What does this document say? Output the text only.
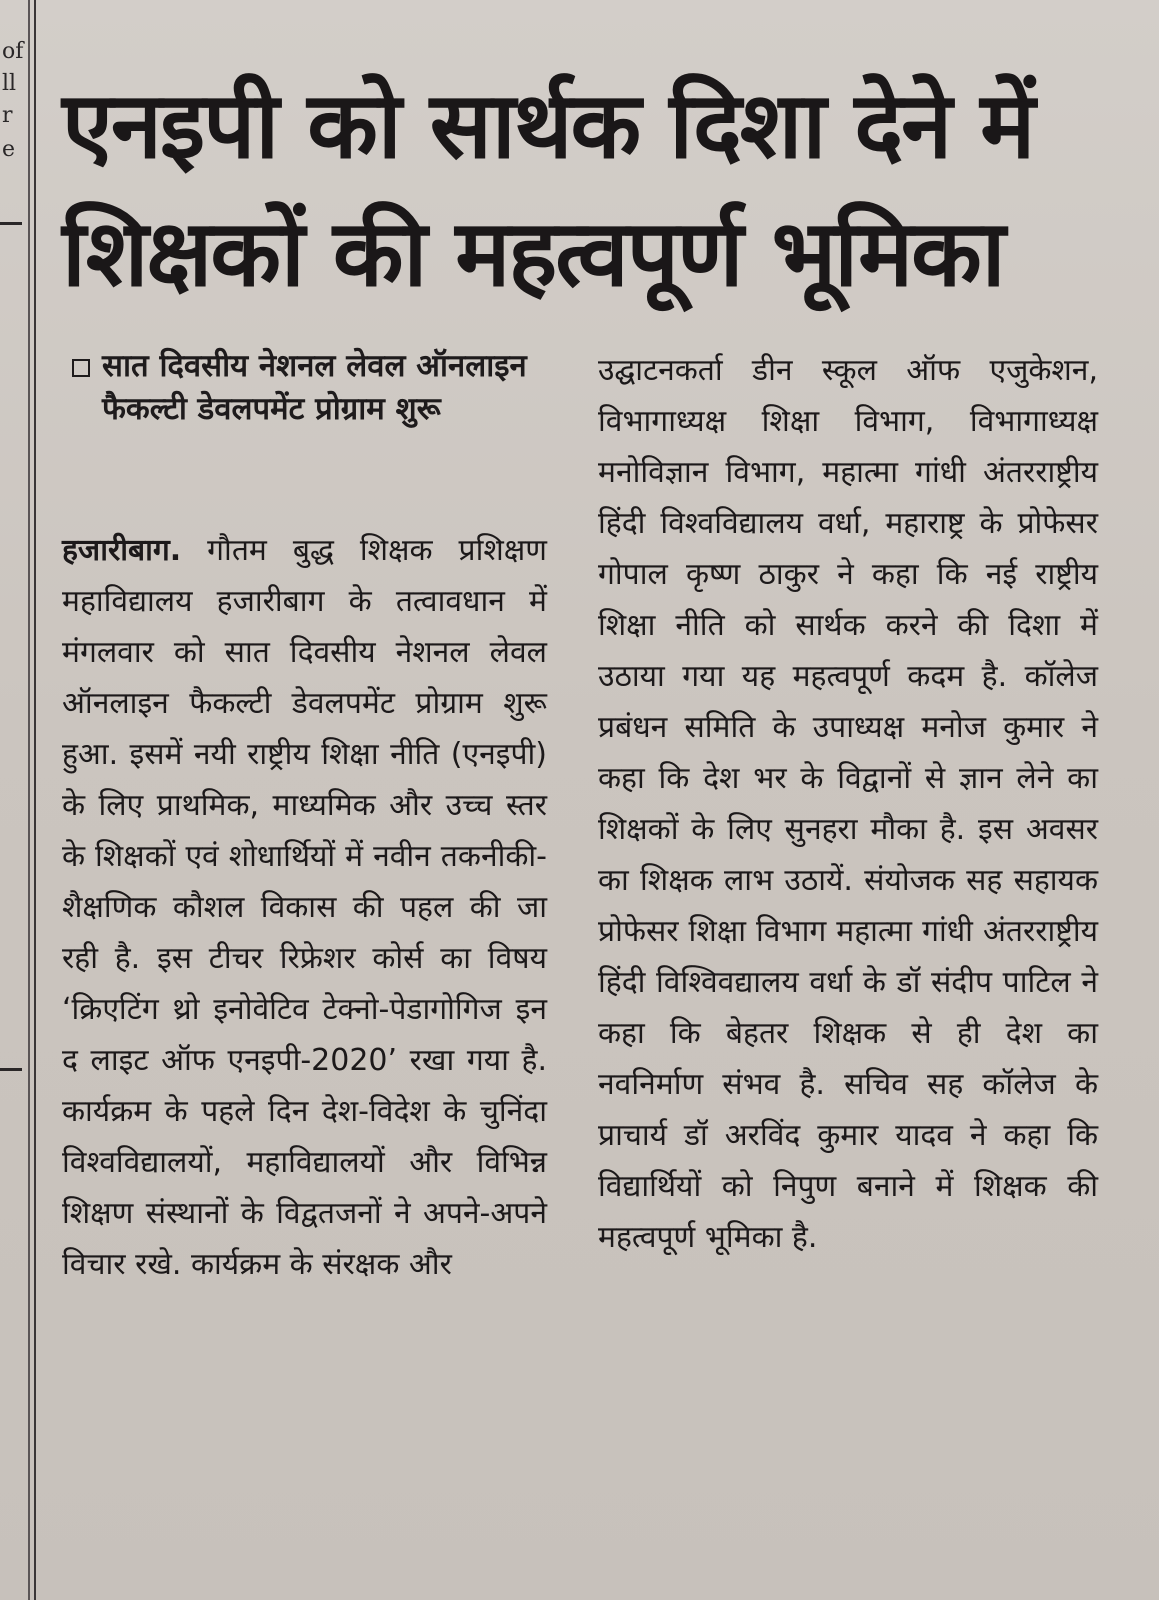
of
ll
r
e एनइपी को सार्थक दिशा देने में शिक्षकों की महत्वपूर्ण भूमिका
सात दिवसीय नेशनल लेवल ऑनलाइन फैकल्टी डेवलपमेंट प्रोग्राम शुरू

हजारीबाग. गौतम बुद्ध शिक्षक प्रशिक्षण महाविद्यालय हजारीबाग के तत्वावधान में मंगलवार को सात दिवसीय नेशनल लेवल ऑनलाइन फैकल्टी डेवलपमेंट प्रोग्राम शुरू हुआ. इसमें नयी राष्ट्रीय शिक्षा नीति (एनइपी) के लिए प्राथमिक, माध्यमिक और उच्च स्तर के शिक्षकों एवं शोधार्थियों में नवीन तकनीकी-शैक्षणिक कौशल विकास की पहल की जा रही है. इस टीचर रिफ्रेशर कोर्स का विषय ‘क्रिएटिंग थ्रो इनोवेटिव टेक्नो-पेडागोगिज इन द लाइट ऑफ एनइपी-2020’ रखा गया है. कार्यक्रम के पहले दिन देश-विदेश के चुनिंदा विश्वविद्यालयों, महाविद्यालयों और विभिन्न शिक्षण संस्थानों के विद्वतजनों ने अपने-अपने विचार रखे. कार्यक्रम के संरक्षक और

उद्घाटनकर्ता डीन स्कूल ऑफ एजुकेशन, विभागाध्यक्ष शिक्षा विभाग, विभागाध्यक्ष मनोविज्ञान विभाग, महात्मा गांधी अंतरराष्ट्रीय हिंदी विश्वविद्यालय वर्धा, महाराष्ट्र के प्रोफेसर गोपाल कृष्ण ठाकुर ने कहा कि नई राष्ट्रीय शिक्षा नीति को सार्थक करने की दिशा में उठाया गया यह महत्वपूर्ण कदम है. कॉलेज प्रबंधन समिति के उपाध्यक्ष मनोज कुमार ने कहा कि देश भर के विद्वानों से ज्ञान लेने का शिक्षकों के लिए सुनहरा मौका है. इस अवसर का शिक्षक लाभ उठायें. संयोजक सह सहायक प्रोफेसर शिक्षा विभाग महात्मा गांधी अंतरराष्ट्रीय हिंदी विश्विवद्यालय वर्धा के डॉ संदीप पाटिल ने कहा कि बेहतर शिक्षक से ही देश का नवनिर्माण संभव है. सचिव सह कॉलेज के प्राचार्य डॉ अरविंद कुमार यादव ने कहा कि विद्यार्थियों को निपुण बनाने में शिक्षक की महत्वपूर्ण भूमिका है.
